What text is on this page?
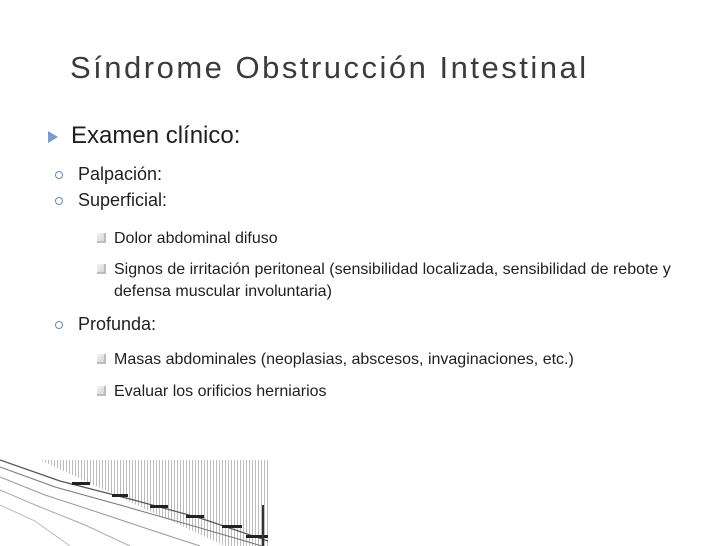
Síndrome Obstrucción Intestinal
Examen clínico:
Palpación:
Superficial:
Dolor abdominal difuso
Signos de irritación peritoneal (sensibilidad localizada, sensibilidad de rebote y defensa muscular involuntaria)
Profunda:
Masas abdominales (neoplasias, abscesos, invaginaciones, etc.)
Evaluar los orificios herniarios
